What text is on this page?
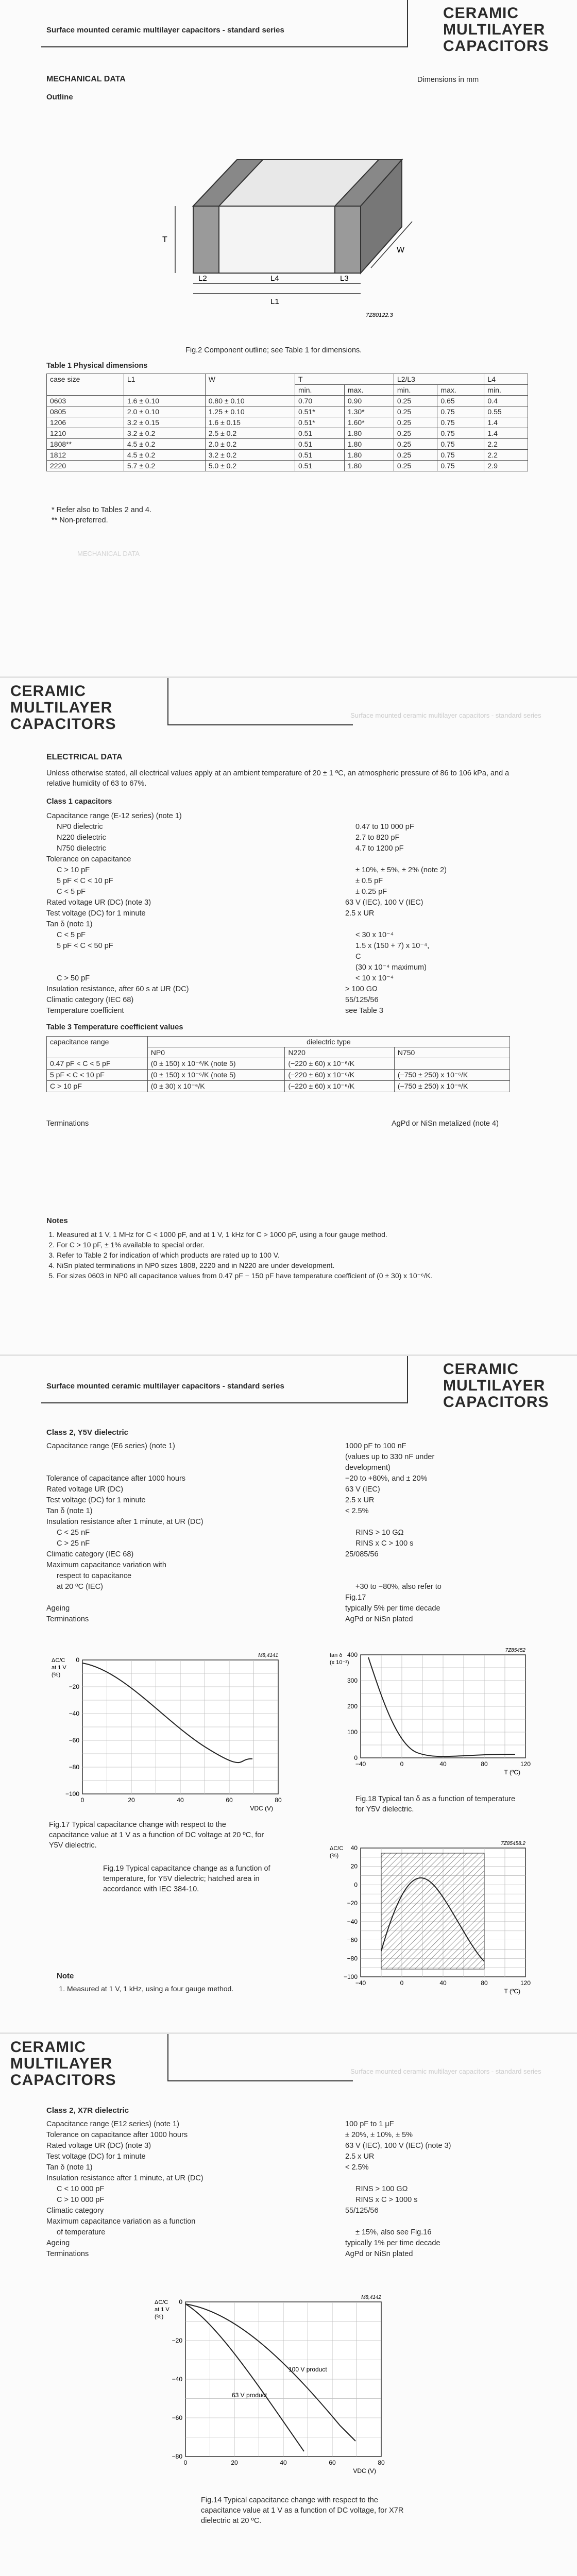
Surface mounted ceramic multilayer capacitors - standard series
CERAMIC
MULTILAYER
CAPACITORS
MECHANICAL DATA	Dimensions in mm
Outline
T
W
L2	L4	L3
L1
7Z80122.3
Fig.2 Component outline; see Table 1 for dimensions.
Table 1 Physical dimensions
case size	L1	W	T		L2/L3		L4
			min.	max.	min.	max.	min.
0603	1.6 ± 0.10	0.80 ± 0.10	0.70	0.90	0.25	0.65	0.4
0805	2.0 ± 0.10	1.25 ± 0.10	0.51*	1.30*	0.25	0.75	0.55
1206	3.2 ± 0.15	1.6 ± 0.15	0.51*	1.60*	0.25	0.75	1.4
1210	3.2 ± 0.2	2.5 ± 0.2	0.51	1.80	0.25	0.75	1.4
1808**	4.5 ± 0.2	2.0 ± 0.2	0.51	1.80	0.25	0.75	2.2
1812	4.5 ± 0.2	3.2 ± 0.2	0.51	1.80	0.25	0.75	2.2
2220	5.7 ± 0.2	5.0 ± 0.2	0.51	1.80	0.25	0.75	2.9
* Refer also to Tables 2 and 4.
** Non-preferred.
MECHANICAL DATA
CERAMIC
MULTILAYER
CAPACITORS
Surface mounted ceramic multilayer capacitors - standard series
ELECTRICAL DATA
Unless otherwise stated, all electrical values apply at an ambient temperature of 20 ± 1 ºC, an atmospheric pressure of 86 to 106 kPa, and a relative humidity of 63 to 67%.
Class 1 capacitors
Capacitance range (E-12 series) (note 1)
NP0 dielectric	0.47 to 10 000 pF
N220 dielectric	2.7 to 820 pF
N750 dielectric	4.7 to 1200 pF
Tolerance on capacitance
C > 10 pF	± 10%, ± 5%, ± 2% (note 2)
5 pF < C < 10 pF	± 0.5 pF
C < 5 pF	± 0.25 pF
Rated voltage UR (DC) (note 3)	63 V (IEC), 100 V (IEC)
Test voltage (DC) for 1 minute	2.5 x UR
Tan δ (note 1)
C < 5 pF	< 30 x 10⁻⁴
5 pF < C < 50 pF	1.5 x (150 + 7) x 10⁻⁴,
C
(30 x 10⁻⁴ maximum)
C > 50 pF	< 10 x 10⁻⁴
Insulation resistance, after 60 s at UR (DC)	> 100 GΩ
Climatic category (IEC 68)	55/125/56
Temperature coefficient	see Table 3
Table 3 Temperature coefficient values
capacitance range	dielectric type		
	NP0	N220	N750
0.47 pF < C < 5 pF	(0 ± 150) x 10⁻⁶/K (note 5)	(−220 ± 60) x 10⁻⁶/K	
5 pF < C < 10 pF	(0 ± 150) x 10⁻⁶/K (note 5)	(−220 ± 60) x 10⁻⁶/K	(−750 ± 250) x 10⁻⁶/K
C > 10 pF	(0 ± 30) x 10⁻⁶/K	(−220 ± 60) x 10⁻⁶/K	(−750 ± 250) x 10⁻⁶/K
Terminations	AgPd or NiSn metalized (note 4)
Notes
1. Measured at 1 V, 1 MHz for C < 1000 pF, and at 1 V, 1 kHz for C > 1000 pF, using a four gauge method.
2. For C > 10 pF, ± 1% available to special order.
3. Refer to Table 2 for indication of which products are rated up to 100 V.
4. NiSn plated terminations in NP0 sizes 1808, 2220 and in N220 are under development.
5. For sizes 0603 in NP0 all capacitance values from 0.47 pF − 150 pF have temperature coefficient of (0 ± 30) x 10⁻⁶/K.
Surface mounted ceramic multilayer capacitors - standard series
CERAMIC
MULTILAYER
CAPACITORS
Class 2, Y5V dielectric
Capacitance range (E6 series) (note 1)	1000 pF to 100 nF
(values up to 330 nF under
development)
Tolerance of capacitance after 1000 hours	−20 to +80%, and ± 20%
Rated voltage UR (DC)	63 V (IEC)
Test voltage (DC) for 1 minute	2.5 x UR
Tan δ (note 1)	< 2.5%
Insulation resistance after 1 minute, at UR (DC)
C < 25 nF	RINS > 10 GΩ
C > 25 nF	RINS x C > 100 s
Climatic category (IEC 68)	25/085/56
Maximum capacitance variation with
respect to capacitance
at 20 ºC (IEC)	+30 to −80%, also refer to
Fig.17
Ageing	typically 5% per time decade
Terminations	AgPd or NiSn plated
0	20	40	60	80
0
−20
−40
−60
−80
−100
ΔC/C
at 1 V
(%)
VDC (V)
M8,4141
Fig.17 Typical capacitance change with respect to the capacitance value at 1 V as a function of DC voltage at 20 ºC, for Y5V dielectric.
−40	0	40	80	120
400
300
200
100
0
tan δ
(x 10⁻³)
T (ºC)
7Z85452
Fig.18 Typical tan δ as a function of temperature for Y5V dielectric.
−40	0	40	80	120
40
20
0
−20
−40
−60
−80
−100
ΔC/C
(%)
T (ºC)
7Z85458.2
Fig.19 Typical capacitance change as a function of temperature, for Y5V dielectric; hatched area in accordance with IEC 384-10.
Note
1. Measured at 1 V, 1 kHz, using a four gauge method.
CERAMIC
MULTILAYER
CAPACITORS
Surface mounted ceramic multilayer capacitors - standard series
Class 2, X7R dielectric
Capacitance range (E12 series) (note 1)	100 pF to 1 µF
Tolerance on capacitance after 1000 hours	± 20%, ± 10%, ± 5%
Rated voltage UR (DC) (note 3)	63 V (IEC), 100 V (IEC) (note 3)
Test voltage (DC) for 1 minute	2.5 x UR
Tan δ (note 1)	< 2.5%
Insulation resistance after 1 minute, at UR (DC)
C < 10 000 pF	RINS > 100 GΩ
C > 10 000 pF	RINS x C > 1000 s
Climatic category	55/125/56
Maximum capacitance variation as a function
of temperature	± 15%, also see Fig.16
Ageing	typically 1% per time decade
Terminations	AgPd or NiSn plated
0	20	40	60	80
0
−20
−40
−60
−80
ΔC/C
at 1 V
(%)
VDC (V)
M8,4142
100 V product
63 V product
Fig.14 Typical capacitance change with respect to the capacitance value at 1 V as a function of DC voltage, for X7R dielectric at 20 ºC.
